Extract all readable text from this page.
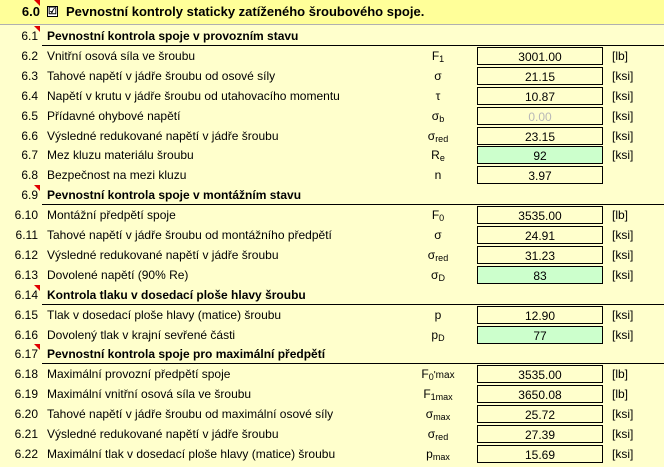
6.0 ☑ Pevnostní kontroly staticky zatíženého šroubového spoje.
6.1 Pevnostní kontrola spoje v provozním stavu
6.2 Vnitřní osová síla ve šroubu	$F_1$	3001.00	[lb]
6.3 Tahové napětí v jádře šroubu od osové síly	σ	21.15	[ksi]
6.4 Napětí v krutu v jádře šroubu od utahovacího momentu	τ	10.87	[ksi]
6.5 Přídavné ohybové napětí	$\sigma_b$	0.00	[ksi]
6.6 Výsledné redukované napětí v jádře šroubu	$\sigma_{red}$	23.15	[ksi]
6.7 Mez kluzu materiálu šroubu	$R_e$	92	[ksi]
6.8 Bezpečnost na mezi kluzu	n	3.97
6.9 Pevnostní kontrola spoje v montážním stavu
6.10 Montážní předpětí spoje	$F_0$	3535.00	[lb]
6.11 Tahové napětí v jádře šroubu od montážního předpětí	σ	24.91	[ksi]
6.12 Výsledné redukované napětí v jádře šroubu	$\sigma_{red}$	31.23	[ksi]
6.13 Dovolené napětí (90% Re)	$\sigma_D$	83	[ksi]
6.14 Kontrola tlaku v dosedací ploše hlavy šroubu
6.15 Tlak v dosedací ploše hlavy (matice) šroubu	p	12.90	[ksi]
6.16 Dovolený tlak v krajní sevřené části	$p_D$	77	[ksi]
6.17 Pevnostní kontrola spoje pro maximální předpětí
6.18 Maximální provozní předpětí spoje	$F_0'\max$	3535.00	[lb]
6.19 Maximální vnitřní osová síla ve šroubu	$F_{1max}$	3650.08	[lb]
6.20 Tahové napětí v jádře šroubu od maximální osové síly	$\sigma_{max}$	25.72	[ksi]
6.21 Výsledné redukované napětí v jádře šroubu	$\sigma_{red}$	27.39	[ksi]
6.22 Maximální tlak v dosedací ploše hlavy (matice) šroubu	$p_{max}$	15.69	[ksi]
